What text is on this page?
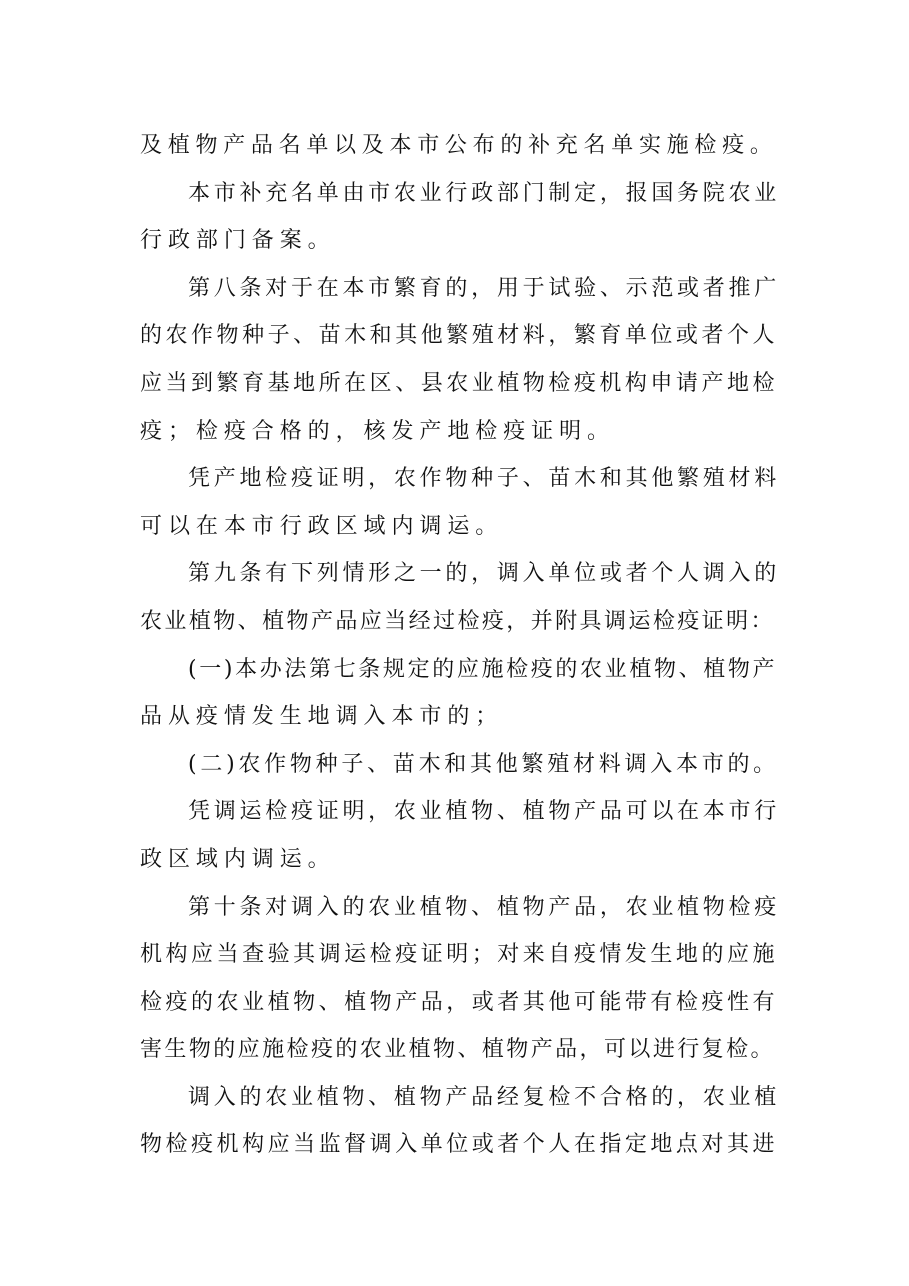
及植物产品名单以及本市公布的补充名单实施检疫。
本市补充名单由市农业行政部门制定，报国务院农业
行政部门备案。
第八条对于在本市繁育的，用于试验、示范或者推广
的农作物种子、苗木和其他繁殖材料，繁育单位或者个人
应当到繁育基地所在区、县农业植物检疫机构申请产地检
疫；检疫合格的，核发产地检疫证明。
凭产地检疫证明，农作物种子、苗木和其他繁殖材料
可以在本市行政区域内调运。
第九条有下列情形之一的，调入单位或者个人调入的
农业植物、植物产品应当经过检疫，并附具调运检疫证明：
(一)本办法第七条规定的应施检疫的农业植物、植物产
品从疫情发生地调入本市的；
(二)农作物种子、苗木和其他繁殖材料调入本市的。
凭调运检疫证明，农业植物、植物产品可以在本市行
政区域内调运。
第十条对调入的农业植物、植物产品，农业植物检疫
机构应当查验其调运检疫证明；对来自疫情发生地的应施
检疫的农业植物、植物产品，或者其他可能带有检疫性有
害生物的应施检疫的农业植物、植物产品，可以进行复检。
调入的农业植物、植物产品经复检不合格的，农业植
物检疫机构应当监督调入单位或者个人在指定地点对其进
